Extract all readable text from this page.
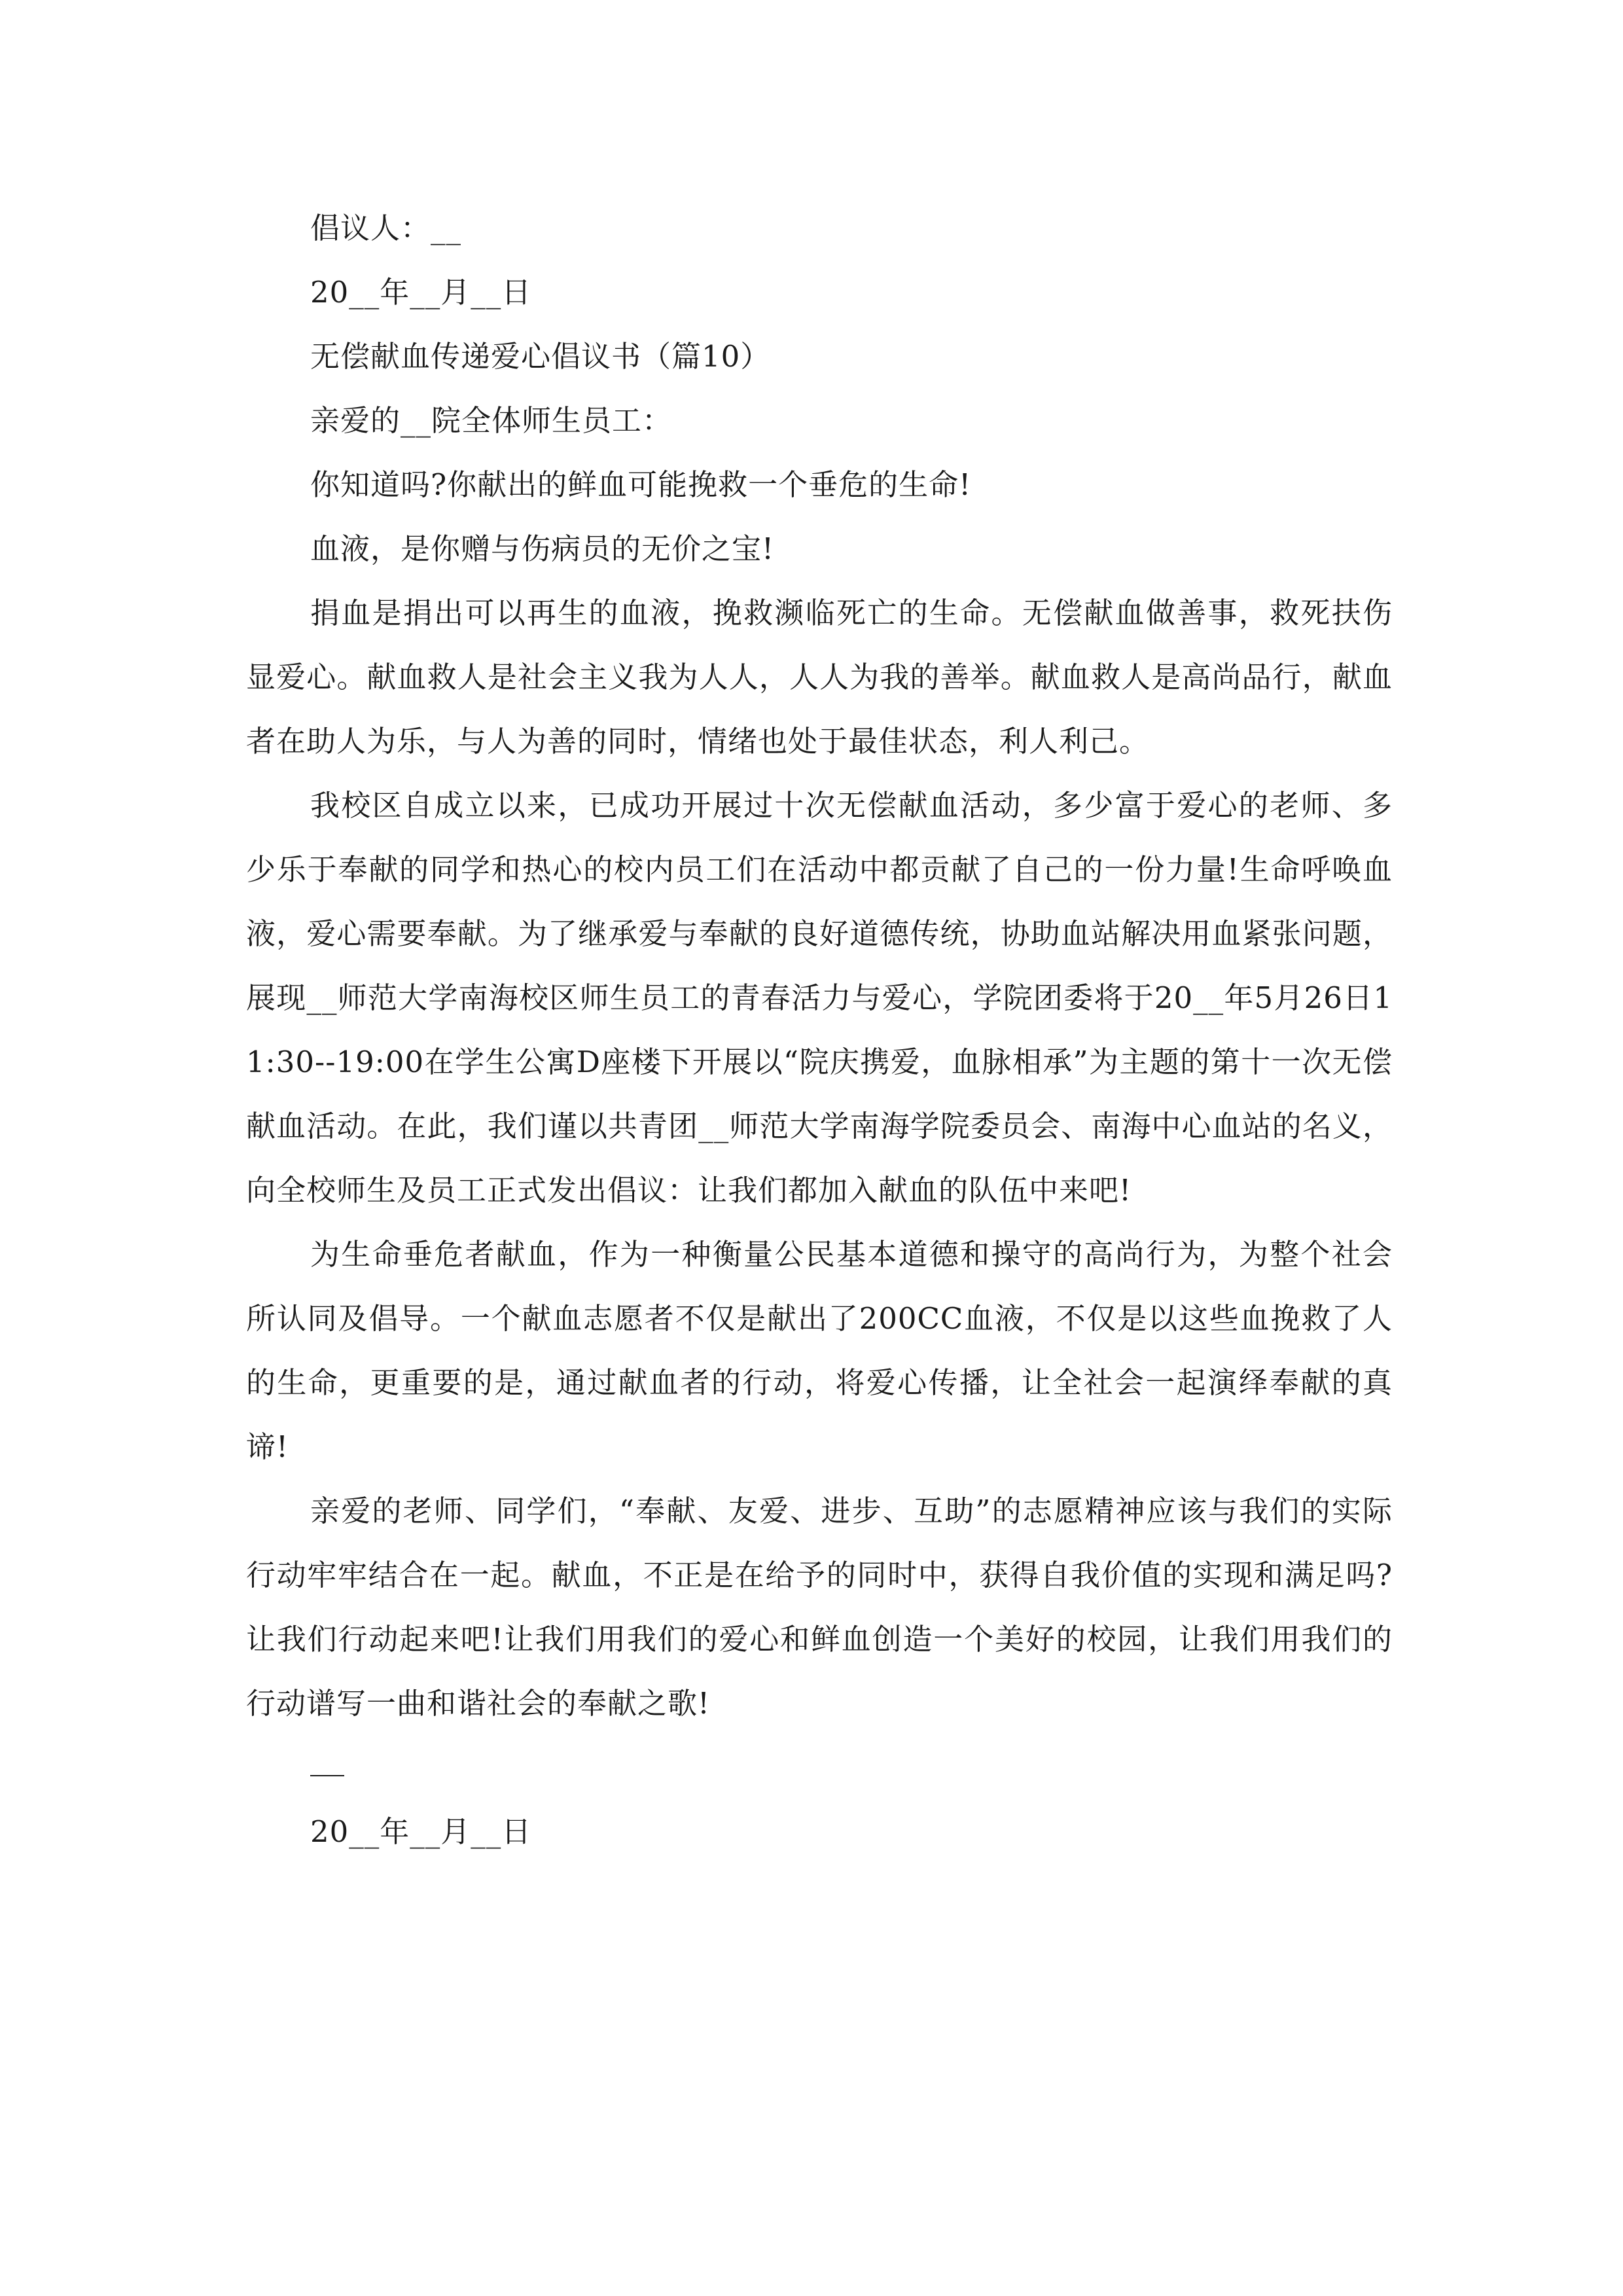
倡议人：__
20__年__月__日
无偿献血传递爱心倡议书（篇10）
亲爱的__院全体师生员工：
你知道吗?你献出的鲜血可能挽救一个垂危的生命!
血液，是你赠与伤病员的无价之宝!
捐血是捐出可以再生的血液，挽救濒临死亡的生命。无偿献血做善事，救死扶伤显爱心。献血救人是社会主义我为人人，人人为我的善举。献血救人是高尚品行，献血者在助人为乐，与人为善的同时，情绪也处于最佳状态，利人利己。
我校区自成立以来，已成功开展过十次无偿献血活动，多少富于爱心的老师、多少乐于奉献的同学和热心的校内员工们在活动中都贡献了自己的一份力量!生命呼唤血液，爱心需要奉献。为了继承爱与奉献的良好道德传统，协助血站解决用血紧张问题，展现__师范大学南海校区师生员工的青春活力与爱心，学院团委将于20__年5月26日11:30--19:00在学生公寓D座楼下开展以“院庆携爱，血脉相承”为主题的第十一次无偿献血活动。在此，我们谨以共青团__师范大学南海学院委员会、南海中心血站的名义，向全校师生及员工正式发出倡议：让我们都加入献血的队伍中来吧!
为生命垂危者献血，作为一种衡量公民基本道德和操守的高尚行为，为整个社会所认同及倡导。一个献血志愿者不仅是献出了200CC血液，不仅是以这些血挽救了人的生命，更重要的是，通过献血者的行动，将爱心传播，让全社会一起演绎奉献的真谛!
亲爱的老师、同学们，“奉献、友爱、进步、互助”的志愿精神应该与我们的实际行动牢牢结合在一起。献血，不正是在给予的同时中，获得自我价值的实现和满足吗?让我们行动起来吧!让我们用我们的爱心和鲜血创造一个美好的校园，让我们用我们的行动谱写一曲和谐社会的奉献之歌!
20__年__月__日
